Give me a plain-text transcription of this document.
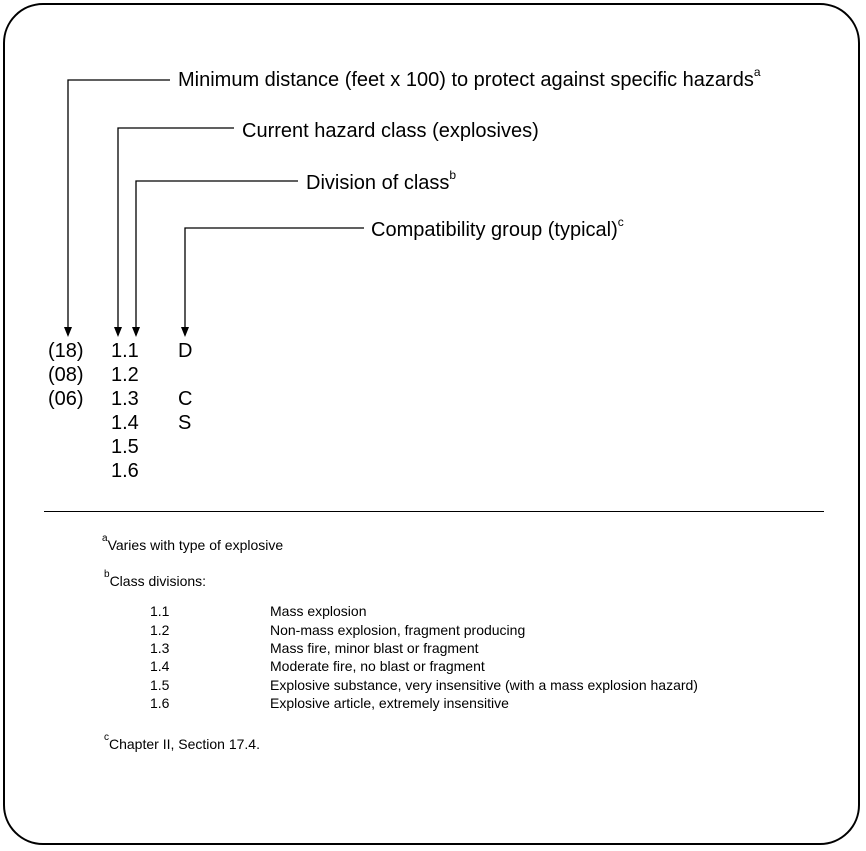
Minimum distance (feet x 100) to protect against specific hazards$^a$
Current hazard class (explosives)
Division of class$^b$
Compatibility group (typical)$^c$
(18)
(08)
(06)
1.1
1.2
1.3
1.4
1.5
1.6
D
C
S
$^a$Varies with type of explosive
$^b$Class divisions:
1.1	Mass explosion
1.2	Non-mass explosion, fragment producing
1.3	Mass fire, minor blast or fragment
1.4	Moderate fire, no blast or fragment
1.5	Explosive substance, very insensitive (with a mass explosion hazard)
1.6	Explosive article, extremely insensitive
$^c$Chapter II, Section 17.4.
